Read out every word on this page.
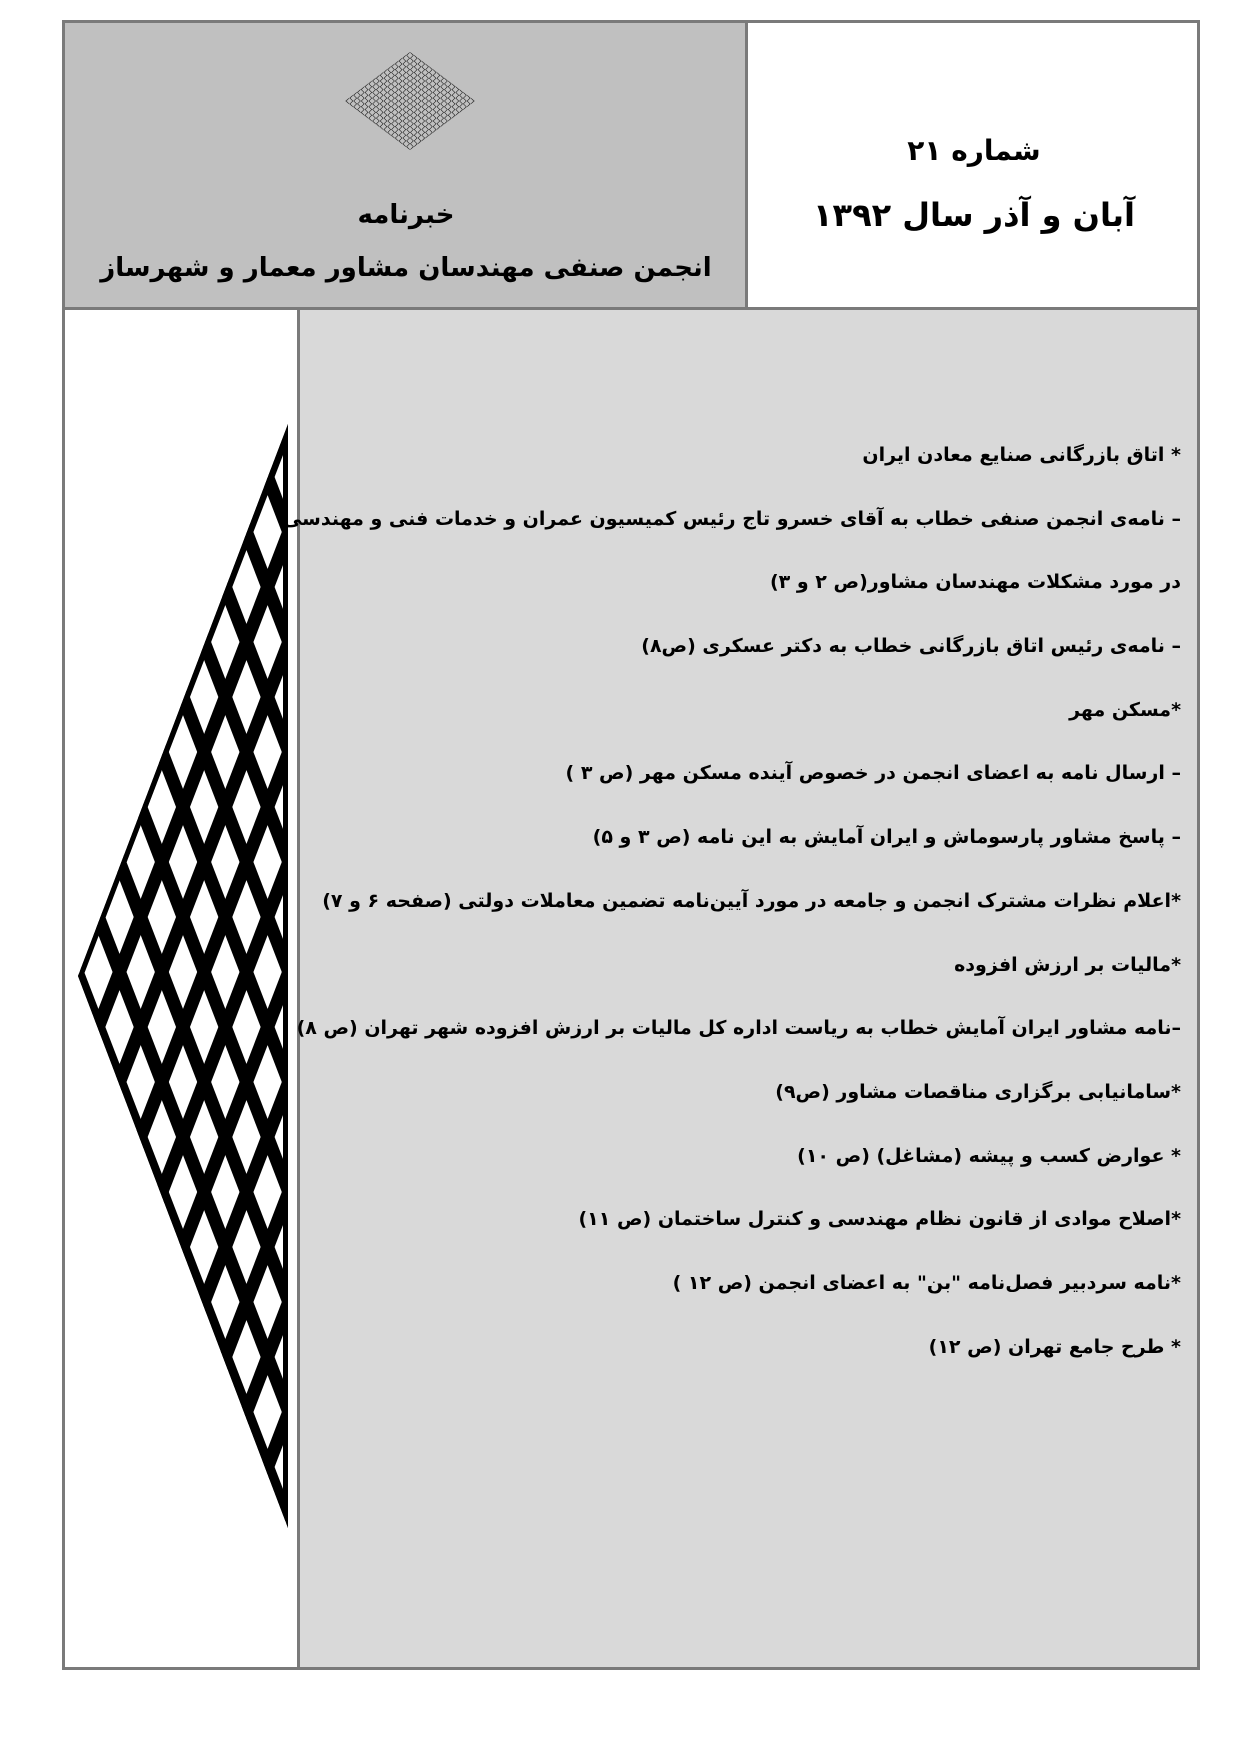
خبرنامه
انجمن صنفی مهندسان مشاور معمار و شهرساز
شماره ۲۱
آبان و آذر سال ۱۳۹۲
* اتاق بازرگانی صنایع معادن ایران
– نامه‌ی انجمن صنفی خطاب به آقای خسرو تاج رئیس کمیسیون عمران و خدمات فنی و مهندسی
در مورد مشکلات مهندسان مشاور(ص ۲ و ۳)
– نامه‌ی رئیس اتاق بازرگانی خطاب به دکتر عسکری (ص۸)
*مسکن مهر
– ارسال نامه به اعضای انجمن در خصوص آینده مسکن مهر (ص ۳ )
– پاسخ مشاور پارسوماش و ایران آمایش به این نامه (ص ۳ و ۵)
*اعلام نظرات مشترک انجمن و جامعه در مورد آیین‌نامه تضمین معاملات دولتی (صفحه ۶ و ۷)
*مالیات بر ارزش افزوده
–نامه مشاور ایران آمایش خطاب به ریاست اداره کل مالیات بر ارزش افزوده شهر تهران (ص ۸)
*سامانیابی برگزاری مناقصات مشاور (ص۹)
* عوارض کسب و پیشه (مشاغل) (ص ۱۰)
*اصلاح موادی از قانون نظام مهندسی و کنترل ساختمان (ص ۱۱)
*نامه سردبیر فصل‌نامه "بن" به اعضای انجمن (ص ۱۲ )
* طرح جامع تهران (ص ۱۲)
